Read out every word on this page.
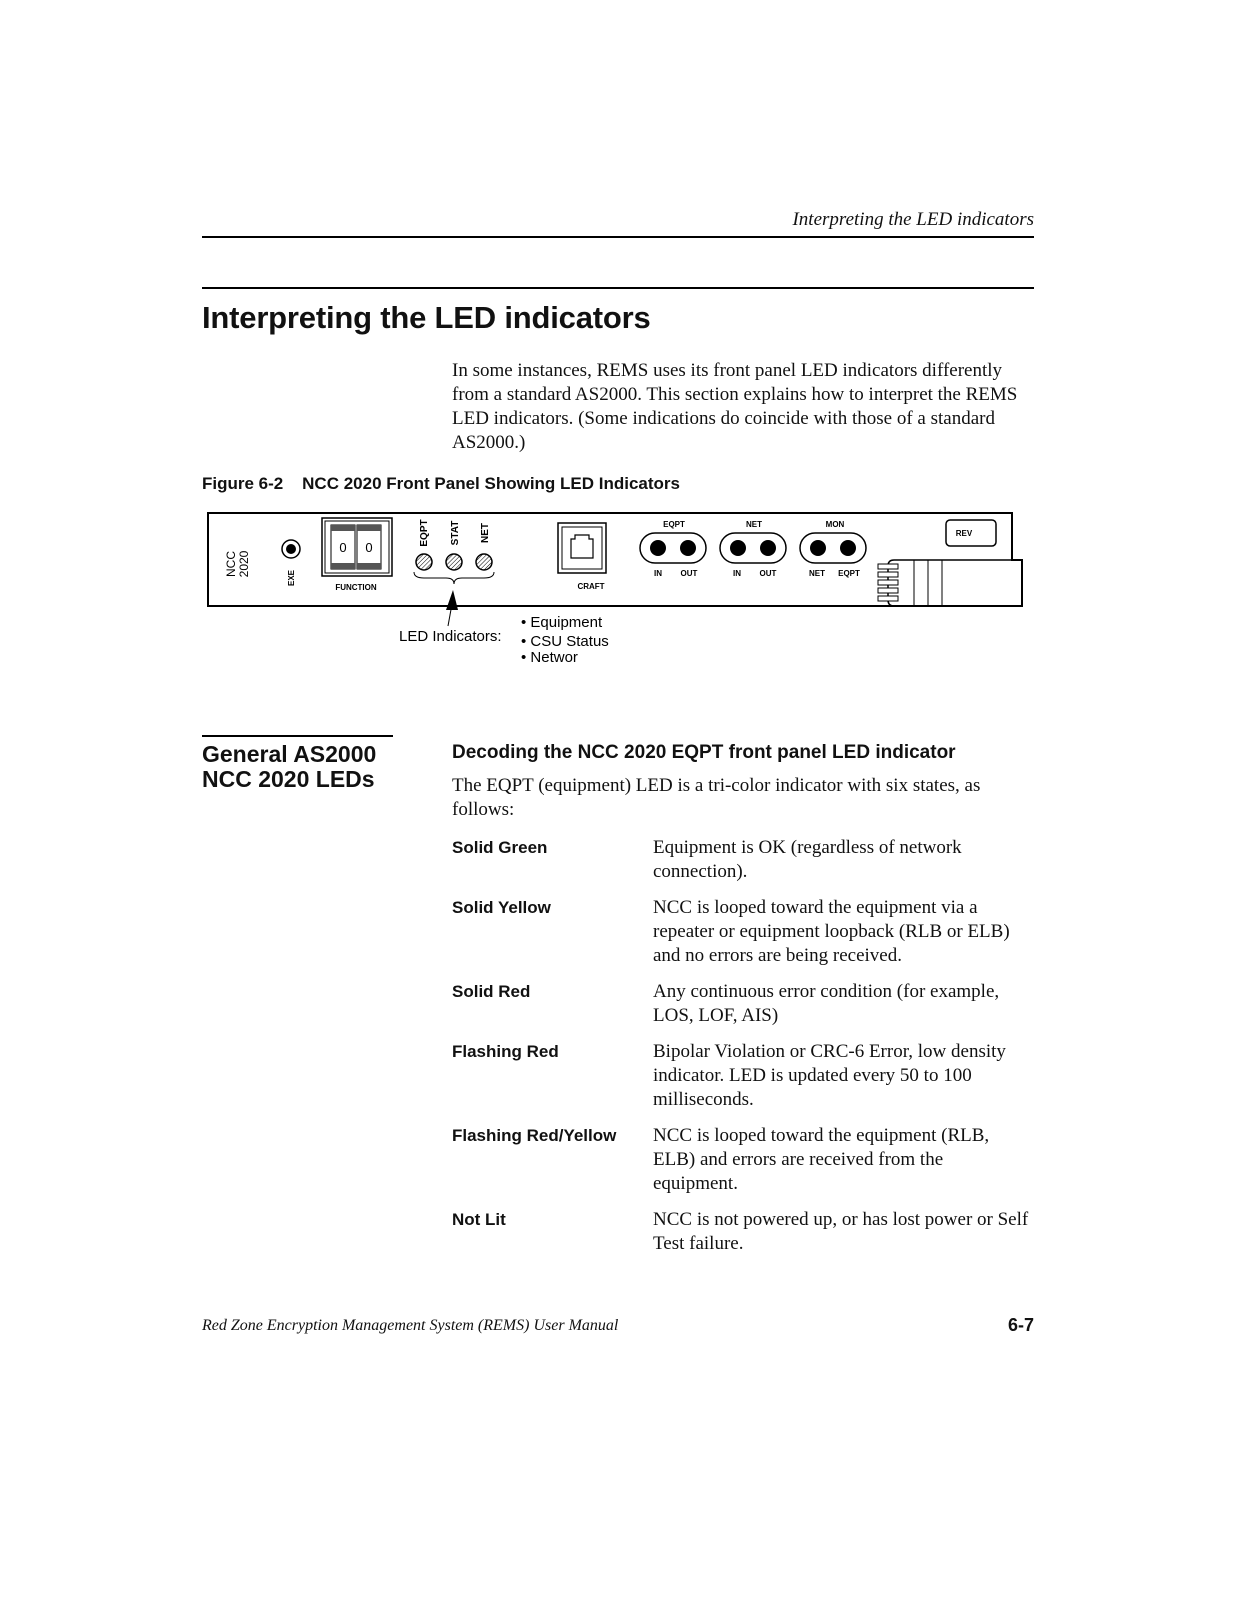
Interpreting the LED indicators
Interpreting the LED indicators

In some instances, REMS uses its front panel LED indicators differently from a standard AS2000. This section explains how to interpret the REMS LED indicators. (Some indications do coincide with those of a standard AS2000.)

Figure 6-2 NCC 2020 Front Panel Showing LED Indicators
NCC 2020
EXE
0 0
FUNCTION
EQPT STAT NET
CRAFT
EQPT
IN OUT
NET
IN OUT
MON
NET EQPT
REV
LED Indicators:
• Equipment
• CSU Status
• Networ
General AS2000
NCC 2020 LEDs
Decoding the NCC 2020 EQPT front panel LED indicator

The EQPT (equipment) LED is a tri-color indicator with six states, as follows:

Solid Green	Equipment is OK (regardless of network connection).
Solid Yellow	NCC is looped toward the equipment via a repeater or equipment loopback (RLB or ELB) and no errors are being received.
Solid Red	Any continuous error condition (for example, LOS, LOF, AIS)
Flashing Red	Bipolar Violation or CRC-6 Error, low density indicator. LED is updated every 50 to 100 milliseconds.
Flashing Red/Yellow	NCC is looped toward the equipment (RLB, ELB) and errors are received from the equipment.
Not Lit	NCC is not powered up, or has lost power or Self Test failure.
Red Zone Encryption Management System (REMS) User Manual	6-7
